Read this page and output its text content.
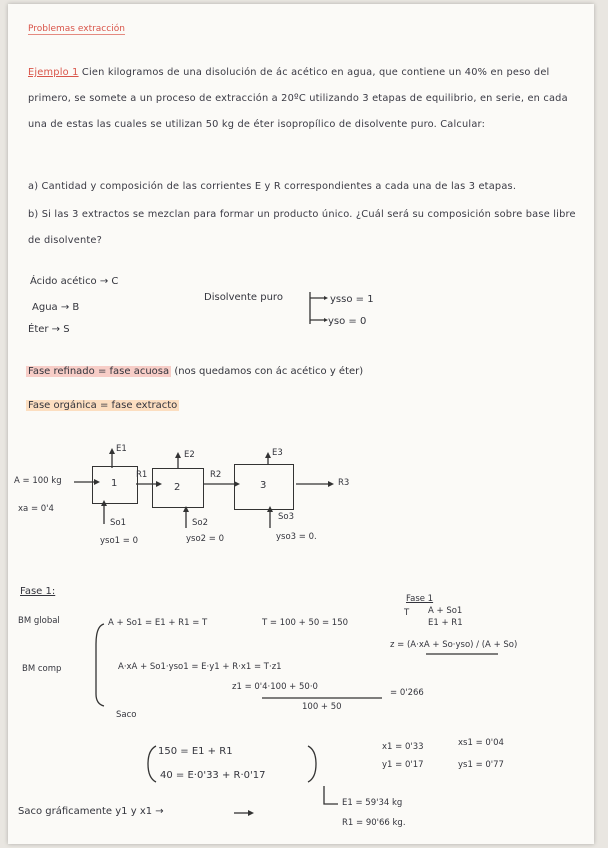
Problemas extracción
Ejemplo 1 Cien kilogramos de una disolución de ác acético en agua, que contiene un 40% en peso del primero, se somete a un proceso de extracción a 20ºC utilizando 3 etapas de equilibrio, en serie, en cada una de estas las cuales se utilizan 50 kg de éter isopropílico de disolvente puro. Calcular:
a) Cantidad y composición de las corrientes E y R correspondientes a cada una de las 3 etapas.
b) Si las 3 extractos se mezclan para formar un producto único. ¿Cuál será su composición sobre base libre de disolvente?
Ácido acético → C
Agua → B
Éter → S
Disolvente puro	ysso = 1
yso = 0
Fase refinado = fase acuosa (nos quedamos con ác acético y éter)
Fase orgánica = fase extracto
1	2	3
A = 100 kg
xa = 0'4
E1
E2	E3
R1	R2
R3
So1	So2
So3
yso1 = 0	yso2 = 0	yso3 = 0.
Fase 1:
BM global
BM comp
A + So1 = E1 + R1 = T	T = 100 + 50 = 150
A·xA + So1·yso1 = E·y1 + R·x1 = T·z1
z = (A·xA + So·yso) / (A + So)
z1 = 0'4·100 + 50·0
100 + 50
= 0'266
Saco
Fase 1
T A + So1
E1 + R1
150 = E1 + R1
40 = E·0'33 + R·0'17
x1 = 0'33	xs1 = 0'04
y1 = 0'17	ys1 = 0'77
Saco gráficamente y1 y x1 →
E1 = 59'34 kg
R1 = 90'66 kg.
